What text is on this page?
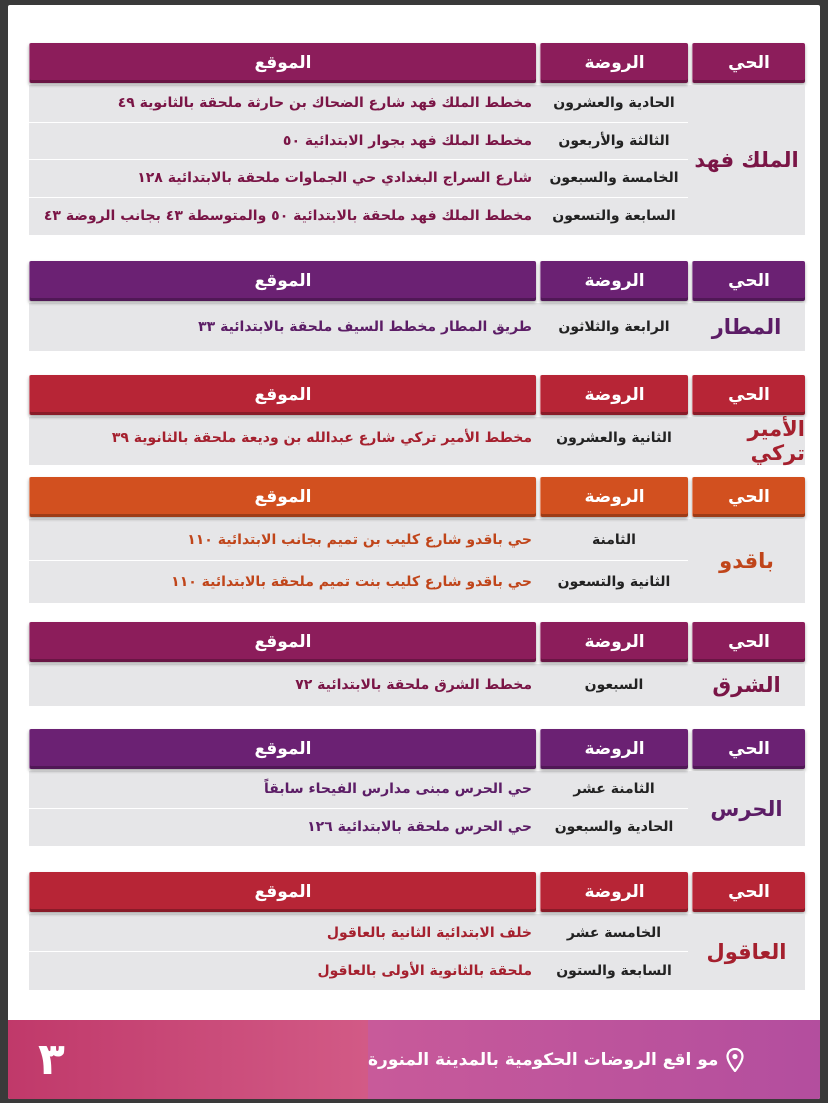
الحي
الروضة
الموقع
الملك فهد
الحادية والعشرون
مخطط الملك فهد شارع الضحاك بن حارثة ملحقة بالثانوية ٤٩
الثالثة والأربعون
مخطط الملك فهد بجوار الابتدائية ٥٠
الخامسة والسبعون
شارع السراج البغدادي حي الجماوات ملحقة بالابتدائية ١٢٨
السابعة والتسعون
مخطط الملك فهد ملحقة بالابتدائية ٥٠ والمتوسطة ٤٣ بجانب الروضة ٤٣
الحي
الروضة
الموقع
المطار
الرابعة والثلاثون
طريق المطار مخطط السيف ملحقة بالابتدائية ٣٣
الحي
الروضة
الموقع
الأمير تركي
الثانية والعشرون
مخطط الأمير تركي شارع عبدالله بن وديعة ملحقة بالثانوية ٣٩
الحي
الروضة
الموقع
باقدو
الثامنة
حي باقدو شارع كليب بن تميم بجانب الابتدائية ١١٠
الثانية والتسعون
حي باقدو شارع كليب بنت تميم ملحقة بالابتدائية ١١٠
الحي
الروضة
الموقع
الشرق
السبعون
مخطط الشرق ملحقة بالابتدائية ٧٢
الحي
الروضة
الموقع
الحرس
الثامنة عشر
حي الحرس مبنى مدارس الفيحاء سابقاً
الحادية والسبعون
حي الحرس ملحقة بالابتدائية ١٢٦
الحي
الروضة
الموقع
العاقول
الخامسة عشر
خلف الابتدائية الثانية بالعاقول
السابعة والستون
ملحقة بالثانوية الأولى بالعاقول
٣	مو اقع الروضات الحكومية بالمدينة المنورة
